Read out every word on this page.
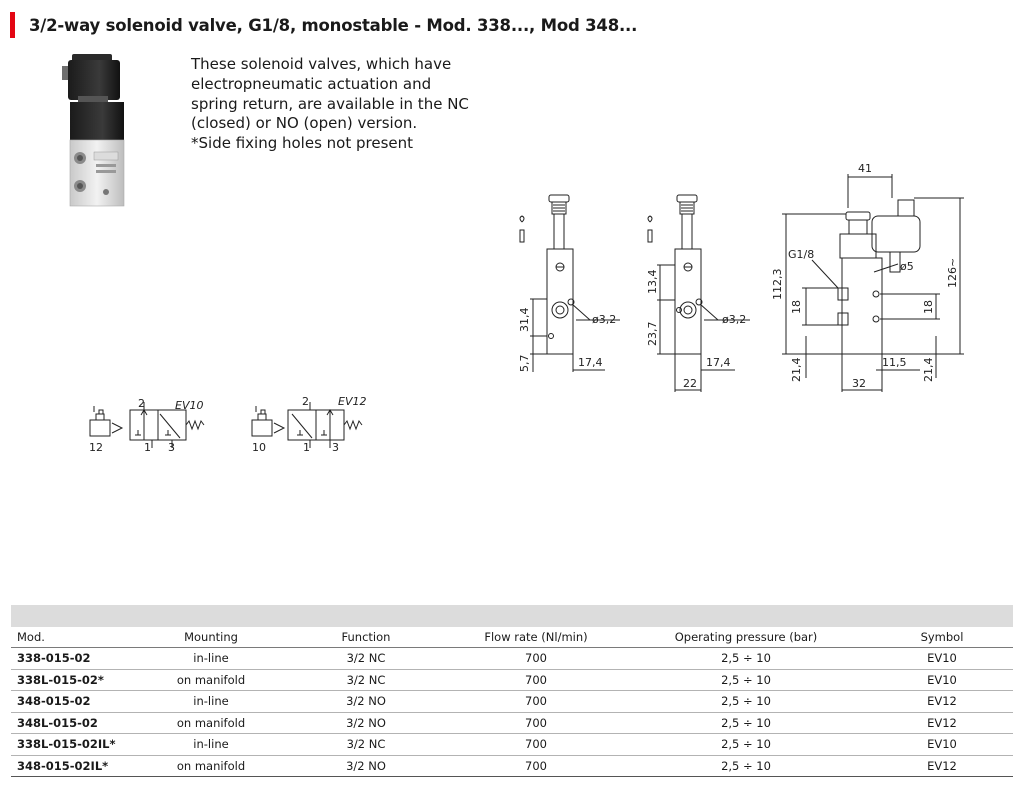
3/2-way solenoid valve, G1/8, monostable - Mod. 338..., Mod 348...
These solenoid valves, which have
electropneumatic actuation and
spring return, are available in the NC
(closed) or NO (open) version.
*Side fixing holes not present
31,4
5,7	17,4
ø3,2
13,4
23,7
17,4
22
ø3,2
41
112,3	126~
G1/8
ø5
18	18
21,4	21,4
11,5
32
EV10
2
12	1 3
EV12
2
10	1 3
Mod.	Mounting	Function	Flow rate (Nl/min)	Operating pressure (bar)	Symbol
338-015-02	in-line	3/2 NC	700	2,5 ÷ 10	EV10
338L-015-02*	on manifold	3/2 NC	700	2,5 ÷ 10	EV10
348-015-02	in-line	3/2 NO	700	2,5 ÷ 10	EV12
348L-015-02	on manifold	3/2 NO	700	2,5 ÷ 10	EV12
338L-015-02IL*	in-line	3/2 NC	700	2,5 ÷ 10	EV10
348-015-02IL*	on manifold	3/2 NO	700	2,5 ÷ 10	EV12
